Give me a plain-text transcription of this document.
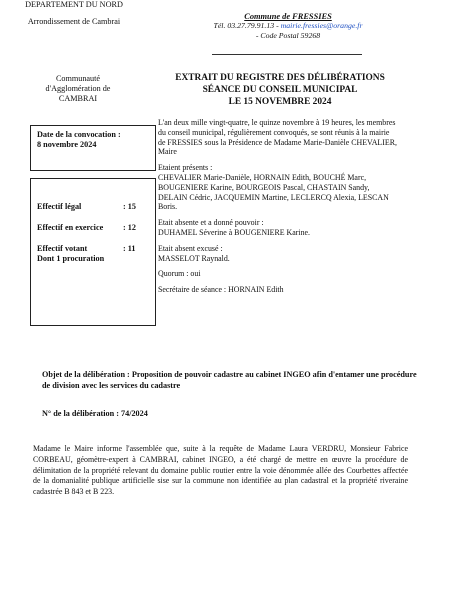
DEPARTEMENT DU NORD
Arrondissement de Cambrai
Commune de FRESSIES
Tél. 03.27.79.91.13 - mairie.fressies@orange.fr
- Code Postal 59268
Communauté d'Agglomération de CAMBRAI
EXTRAIT DU REGISTRE DES DÉLIBÉRATIONS
SÉANCE DU CONSEIL MUNICIPAL
LE 15 NOVEMBRE 2024
Date de la convocation :
8 novembre 2024
Effectif légal	: 15
Effectif en exercice : 12
Effectif votant	: 11
Dont 1 procuration

L'an deux mille vingt-quatre, le quinze novembre à 19 heures, les membres du conseil municipal, régulièrement convoqués, se sont réunis à la mairie de FRESSIES sous la Présidence de Madame Marie-Danièle CHEVALIER, Maire

Etaient présents :
CHEVALIER Marie-Danièle, HORNAIN Edith, BOUCHÉ Marc, BOUGENIERE Karine, BOURGEOIS Pascal, CHASTAIN Sandy, DELAIN Cédric, JACQUEMIN Martine, LECLERCQ Alexia, LESCAN Boris.

Etait absente et a donné pouvoir :
DUHAMEL Séverine à BOUGENIERE Karine.

Etait absent excusé :
MASSELOT Raynald.

Quorum : oui

Secrétaire de séance : HORNAIN Edith

Objet de la délibération : Proposition de pouvoir cadastre au cabinet INGEO afin d'entamer une procédure de division avec les services du cadastre
N° de la délibération : 74/2024
Madame le Maire informe l'assemblée que, suite à la requête de Madame Laura VERDRU, Monsieur Fabrice CORBEAU, géomètre-expert à CAMBRAI, cabinet INGEO, a été chargé de mettre en œuvre la procédure de délimitation de la propriété relevant du domaine public routier entre la voie dénommée allée des Courbettes affectée de la domanialité publique artificielle sise sur la commune non identifiée au plan cadastral et la propriété riveraine cadastrée B 843 et B 223.
